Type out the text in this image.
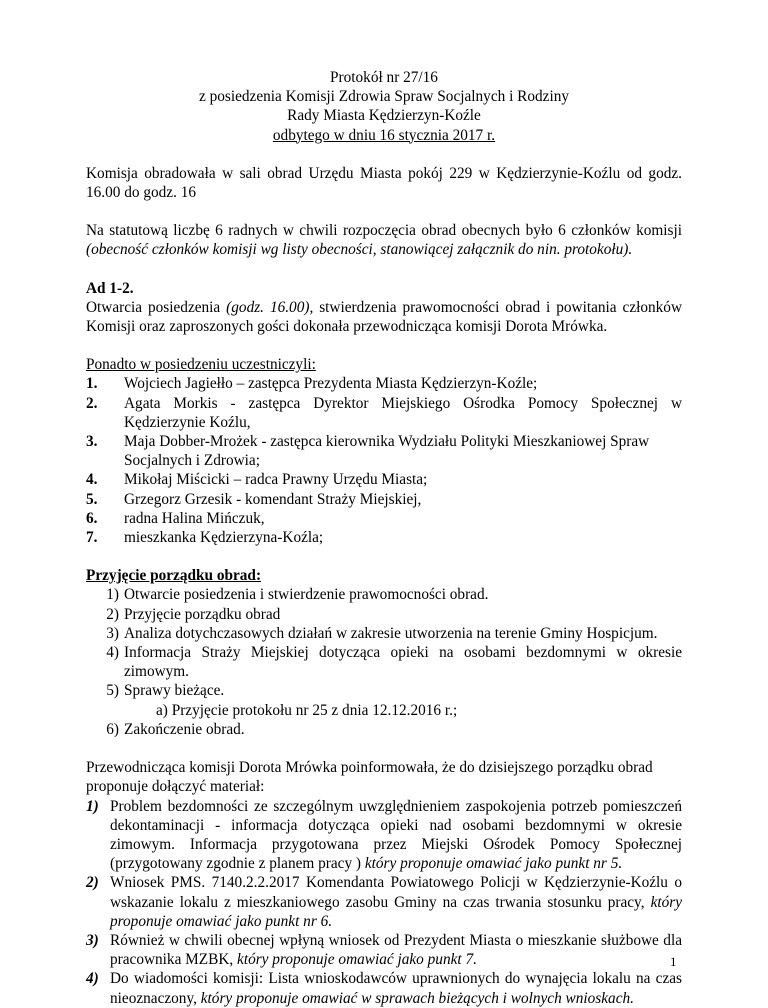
Protokół nr 27/16

z posiedzenia Komisji Zdrowia Spraw Socjalnych i Rodziny

Rady Miasta Kędzierzyn-Koźle

odbytego w dniu 16 stycznia 2017 r.

Komisja obradowała w sali obrad Urzędu Miasta pokój 229 w Kędzierzynie-Koźlu od godz. 16.00 do godz. 16

Na statutową liczbę 6 radnych w chwili rozpoczęcia obrad obecnych było 6 członków komisji (obecność członków komisji wg listy obecności, stanowiącej załącznik do nin. protokołu).

Ad 1-2.

Otwarcia posiedzenia (godz. 16.00), stwierdzenia prawomocności obrad i powitania członków Komisji oraz zaproszonych gości dokonała przewodnicząca komisji Dorota Mrówka.

Ponadto w posiedzeniu uczestniczyli:

1.	Wojciech Jagiełło – zastępca Prezydenta Miasta Kędzierzyn-Koźle;
2.	Agata Morkis - zastępca Dyrektor Miejskiego Ośrodka Pomocy Społecznej w Kędzierzynie Koźlu,
3.	Maja Dobber-Mrożek - zastępca kierownika Wydziału Polityki Mieszkaniowej Spraw Socjalnych i Zdrowia;
4.	Mikołaj Miścicki – radca Prawny Urzędu Miasta;
5.	Grzegorz Grzesik - komendant Straży Miejskiej,
6.	radna Halina Mińczuk,
7.	mieszkanka Kędzierzyna-Koźla;

Przyjęcie porządku obrad:

1) Otwarcie posiedzenia i stwierdzenie prawomocności obrad.
2) Przyjęcie porządku obrad
3) Analiza dotychczasowych działań w zakresie utworzenia na terenie Gminy Hospicjum.
4) Informacja Straży Miejskiej dotycząca opieki na osobami bezdomnymi w okresie zimowym.
5) Sprawy bieżące.

a) Przyjęcie protokołu nr 25 z dnia 12.12.2016 r.;

6) Zakończenie obrad.

Przewodnicząca komisji Dorota Mrówka poinformowała, że do dzisiejszego porządku obrad proponuje dołączyć materiał:

1) Problem bezdomności ze szczególnym uwzględnieniem zaspokojenia potrzeb pomieszczeń dekontaminacji - informacja dotycząca opieki nad osobami bezdomnymi w okresie zimowym. Informacja przygotowana przez Miejski Ośrodek Pomocy Społecznej (przygotowany zgodnie z planem pracy ) który proponuje omawiać jako punkt nr 5.
2) Wniosek PMS. 7140.2.2.2017 Komendanta Powiatowego Policji w Kędzierzynie-Koźlu o wskazanie lokalu z mieszkaniowego zasobu Gminy na czas trwania stosunku pracy, który proponuje omawiać jako punkt nr 6.
3) Również w chwili obecnej wpłyną wniosek od Prezydent Miasta o mieszkanie służbowe dla pracownika MZBK, który proponuje omawiać jako punkt 7.
4) Do wiadomości komisji: Lista wnioskodawców uprawnionych do wynajęcia lokalu na czas nieoznaczony, który proponuje omawiać w sprawach bieżących i wolnych wnioskach.
1
